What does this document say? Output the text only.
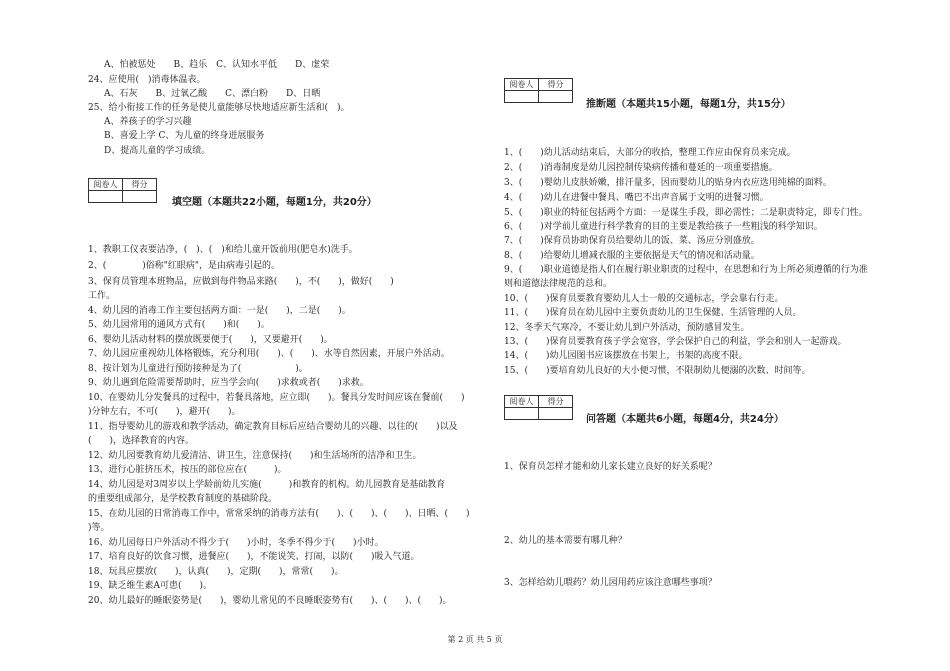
A、怕被惩处　　B、趋乐　C、认知水平低　　D、虚荣
24、应使用(　)消毒体温表。
A、石灰　　B、过氧乙酸　　C、漂白粉　　D、日晒
25、给小衔接工作的任务是使儿童能够尽快地适应新生活和(　)。
A、养孩子的学习兴趣
B、喜爱上学 C、为儿童的终身进展服务
D、提高儿童的学习成绩。
阅卷人	得分

填空题（本题共22小题，每题1分，共20分）
1、教职工仪表要洁净，(　)、(　)和给儿童开饭前用(肥皂水)洗手。
2、(　　　　)俗称"红眼病"，是由病毒引起的。
3、保育员管理本班物品，应做到每件物品来路(　　)，不(　　)，做好(　　)
工作。
4、幼儿园的消毒工作主要包括两方面：一是(　　)，二是(　　)。
5、幼儿园常用的通风方式有(　　)和(　　)。
6、婴幼儿活动材料的摆放既要便于(　　)，又要避开(　　)。
7、幼儿园应重视幼儿体格锻炼，充分利用(　　)、(　　)、水等自然因素，开展户外活动。
8、按计划为儿童进行预防接种是为了(　　　　　　)。
9、幼儿遇到危险需要帮助时，应当学会向(　　)求救或者(　　)求救。
10、在婴幼儿分发餐具的过程中，若餐具落地，应立即(　　)。餐具分发时间应该在餐前(　　)
)分钟左右，不可(　　)，避开(　　)。
11、指导婴幼儿的游戏和教学活动，确定教育目标后应结合婴幼儿的兴趣、以往的(　　)以及
(　　)，选择教育的内容。
12、幼儿园要教育幼儿爱清洁、讲卫生，注意保持(　　)和生活场所的洁净和卫生。
13、进行心脏挤压术，按压的部位应在(　　　)。
14、幼儿园是对3周岁以上学龄前幼儿实施(　　　)和教育的机构。幼儿园教育是基础教育
的重要组成部分，是学校教育制度的基础阶段。
15、在幼儿园的日常消毒工作中，常常采纳的消毒方法有(　　)、(　　)、(　　)、日晒、(　　)
)等。
16、幼儿园每日户外活动不得少于(　　)小时，冬季不得少于(　　)小时。
17、培育良好的饮食习惯，进餐应(　　)，不能说笑、打闹，以防(　　)吸入气道。
18、玩具应摆放(　　)，认真(　　)，定期(　　)，常常(　　)。
19、缺乏维生素A可患(　　)。
20、幼儿最好的睡眠姿势是(　　)，婴幼儿常见的不良睡眠姿势有(　　)、(　　)、(　　)。
阅卷人	得分

推断题（本题共15小题，每题1分，共15分）
1、(　　)幼儿活动结束后，大部分的收拾，整理工作应由保育员来完成。
2、(　　)消毒制度是幼儿园控制传染病传播和蔓延的一项重要措施。
3、(　　)婴幼儿皮肤娇嫩，排汗量多，因而婴幼儿的贴身内衣应选用纯棉的面料。
4、(　　)幼儿在进餐中餐具、嘴巴不出声音属于文明的进餐习惯。
5、(　　)职业的特征包括两个方面：一是谋生手段，即必需性；二是职责特定，即专门性。
6、(　　)对学前儿童进行科学教育的目的主要是教给孩子一些粗浅的科学知识。
7、(　　)保育员协助保育员给婴幼儿的饭、菜、汤应分别盛放。
8、(　　)给婴幼儿增减衣服的主要依据是天气的情况和活动量。
9、(　　)职业道德是指人们在履行职业职责的过程中，在思想和行为上所必须遵循的行为准
则和道德法律规范的总和。
10、(　　)保育员要教育婴幼儿人士一般的交通标志，学会靠右行走。
11、(　　)保育员在幼儿园中主要负责幼儿的卫生保健、生活管理的人员。
12、冬季天气寒冷，不要让幼儿到户外活动，预防感冒发生。
13、(　　)保育员要教育孩子学会宽容，学会保护自己的利益，学会和别人一起游戏。
14、(　　)幼儿园图书应该摆放在书架上，书架的高度不限。
15、(　　)要培育幼儿良好的大小便习惯，不限制幼儿便溺的次数、时间等。
阅卷人	得分

问答题（本题共6小题，每题4分，共24分）
1、保育员怎样才能和幼儿家长建立良好的好关系呢？
2、幼儿的基本需要有哪几种？
3、怎样给幼儿喂药？幼儿园用药应该注意哪些事项？
第 2 页 共 5 页
